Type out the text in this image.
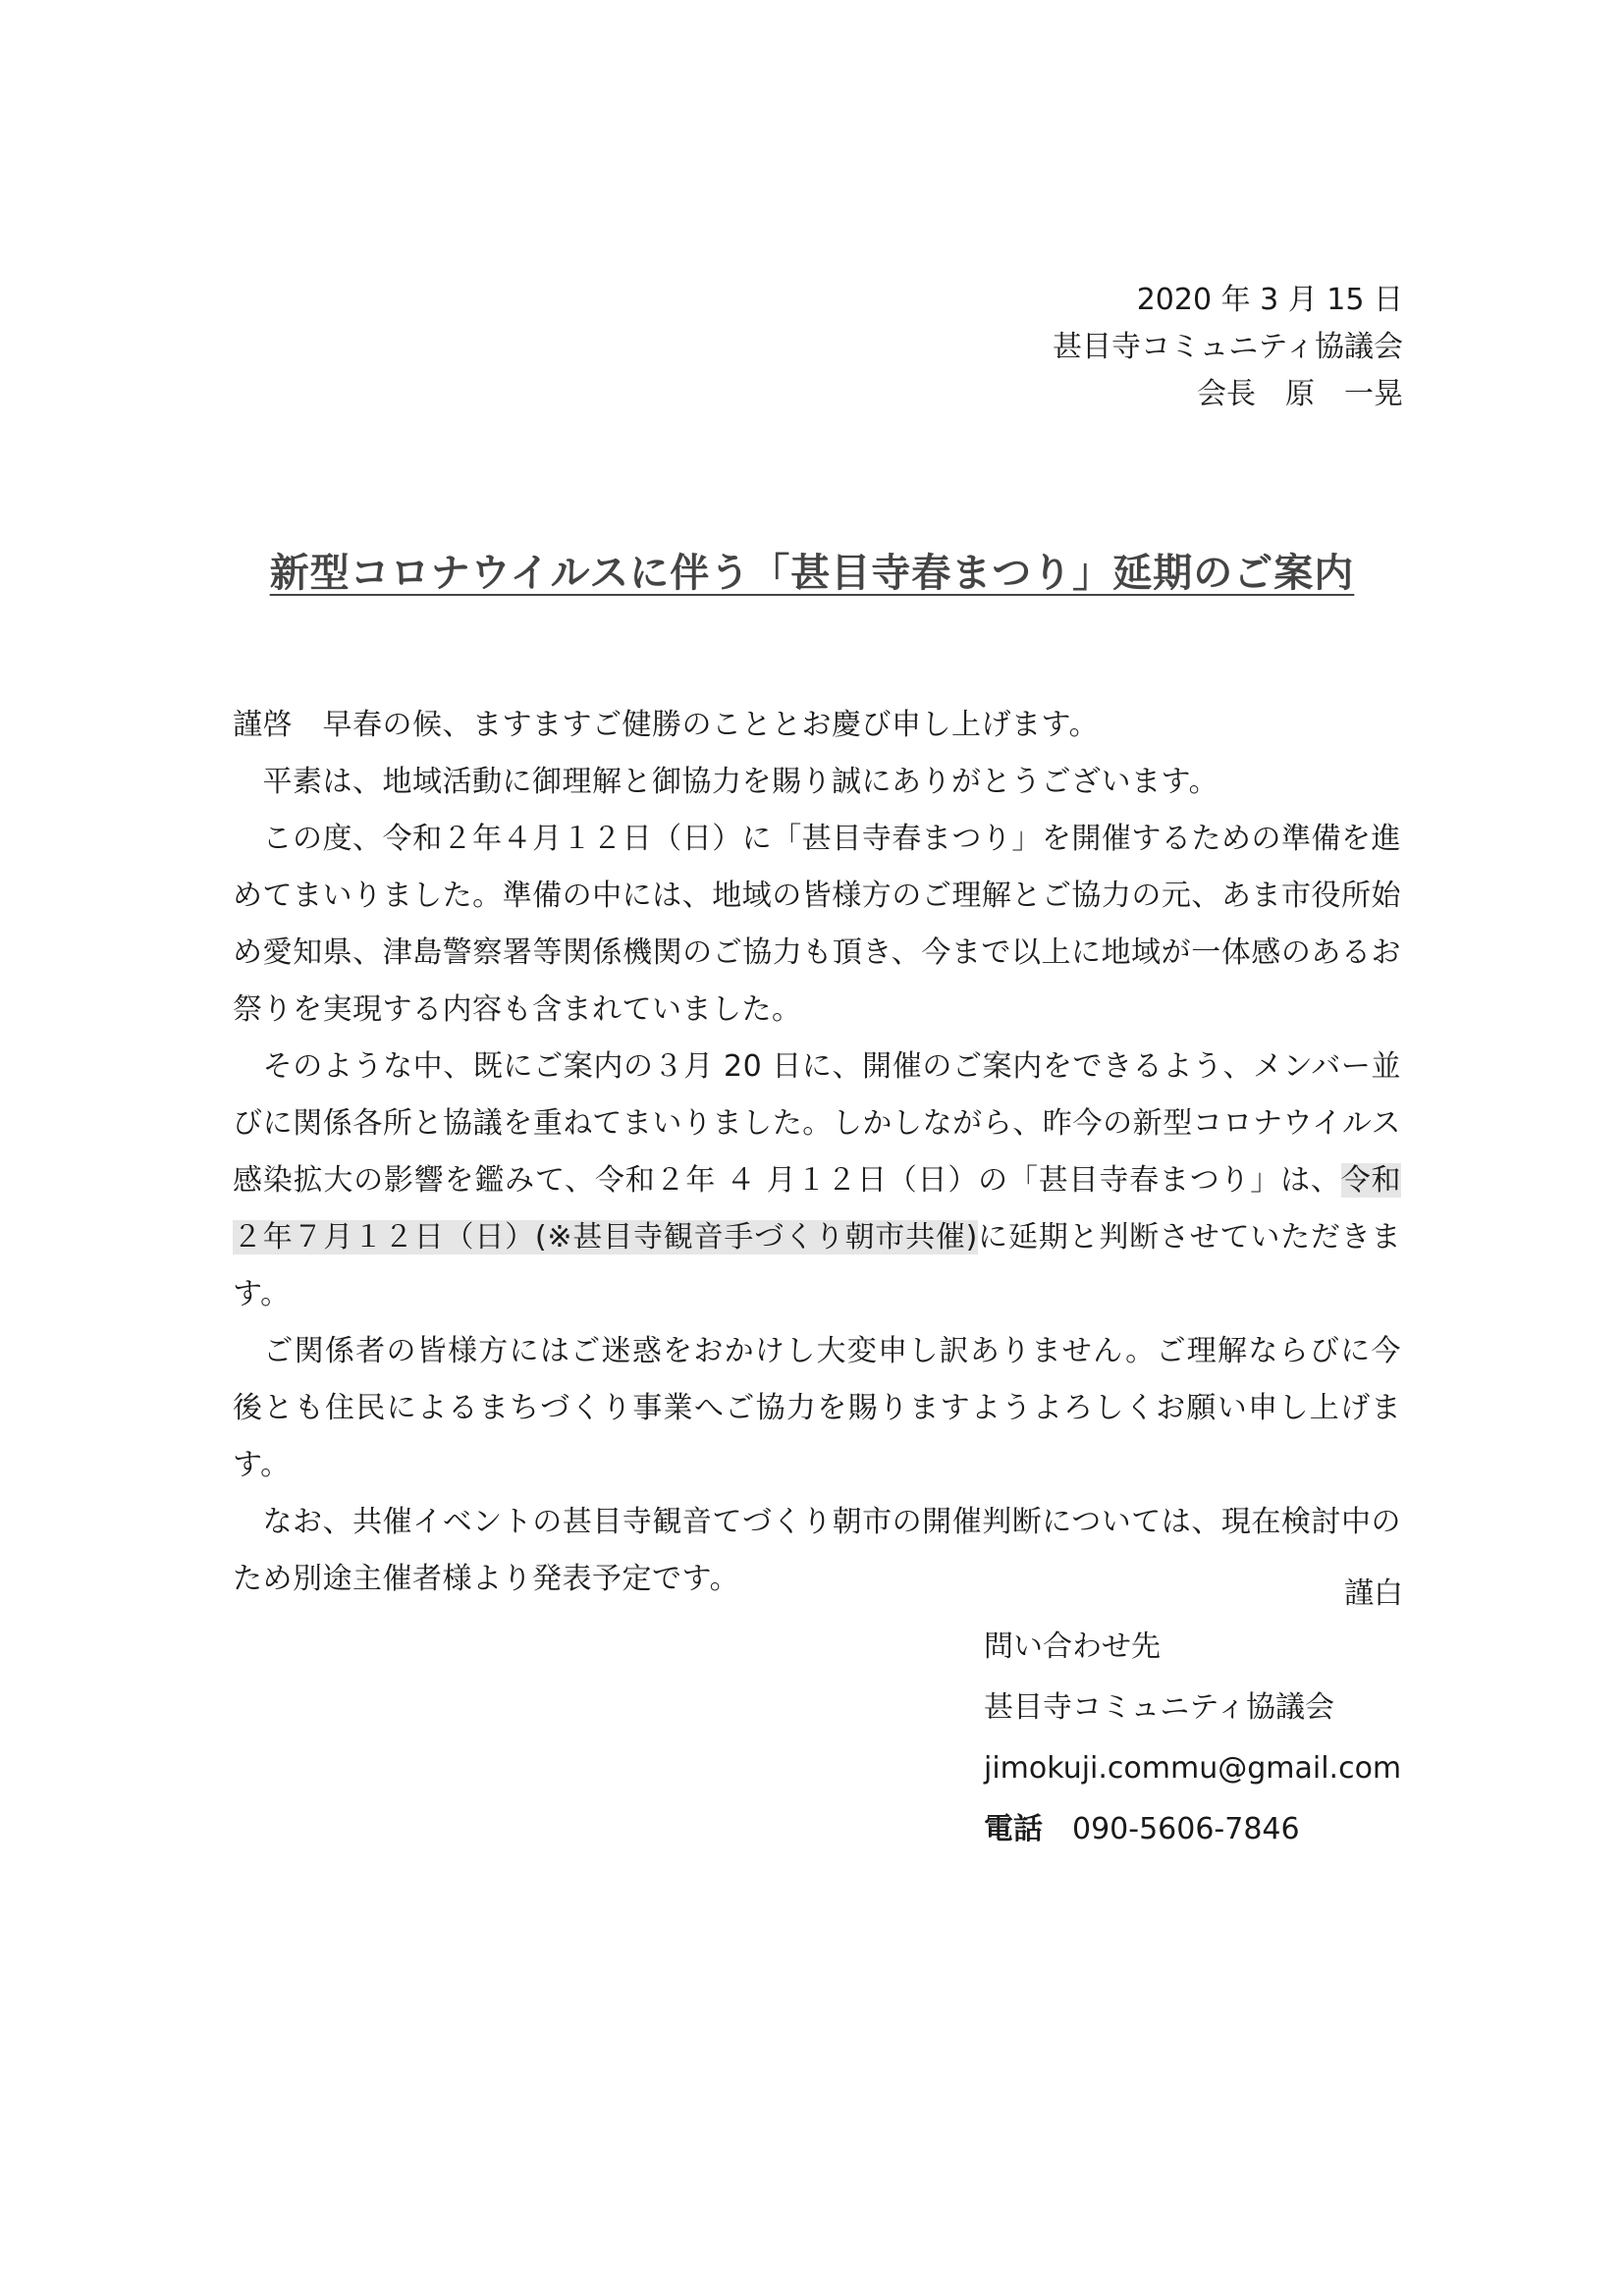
2020 年 3 月 15 日
甚目寺コミュニティ協議会
会長　原　一晃
新型コロナウイルスに伴う「甚目寺春まつり」延期のご案内

謹啓　早春の候、ますますご健勝のこととお慶び申し上げます。

　平素は、地域活動に御理解と御協力を賜り誠にありがとうございます。

　この度、令和２年４月１２日（日）に「甚目寺春まつり」を開催するための準備を進めてまいりました。準備の中には、地域の皆様方のご理解とご協力の元、あま市役所始め愛知県、津島警察署等関係機関のご協力も頂き、今まで以上に地域が一体感のあるお祭りを実現する内容も含まれていました。

　そのような中、既にご案内の３月 20 日に、開催のご案内をできるよう、メンバー並びに関係各所と協議を重ねてまいりました。しかしながら、昨今の新型コロナウイルス感染拡大の影響を鑑みて、令和２年 ４ 月１２日（日）の「甚目寺春まつり」は、令和２年７月１２日（日）(※甚目寺観音手づくり朝市共催)に延期と判断させていただきます。

　ご関係者の皆様方にはご迷惑をおかけし大変申し訳ありません。ご理解ならびに今後とも住民によるまちづくり事業へご協力を賜りますようよろしくお願い申し上げます。

　なお、共催イベントの甚目寺観音てづくり朝市の開催判断については、現在検討中のため別途主催者様より発表予定です。	謹白
問い合わせ先
甚目寺コミュニティ協議会
jimokuji.commu@gmail.com
電話　 090-5606-7846
